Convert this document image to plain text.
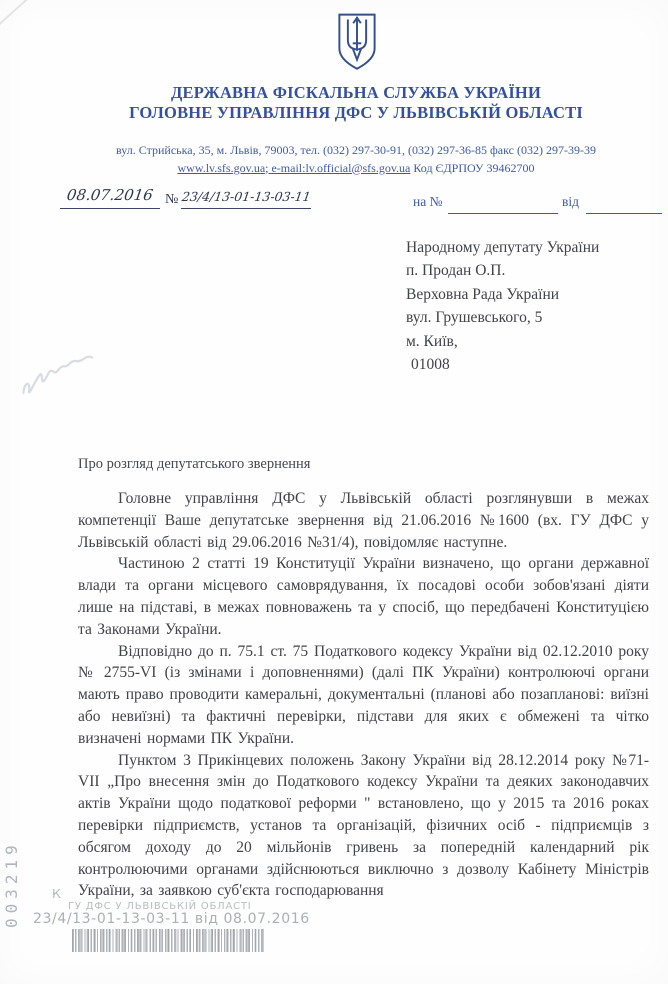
ДЕРЖАВНА ФІСКАЛЬНА СЛУЖБА УКРАЇНИ
ГОЛОВНЕ УПРАВЛІННЯ ДФС У ЛЬВІВСЬКІЙ ОБЛАСТІ
вул. Стрийська, 35, м. Львів, 79003, тел. (032) 297-30-91, (032) 297-36-85 факс (032) 297-39-39
www.lv.sfs.gov.ua; e-mail:lv.official@sfs.gov.ua Код ЄДРПОУ 39462700
08.07.2016 № 23/4/13-01-13-03-11	на №	від
Народному депутату України
п. Продан О.П.
Верховна Рада України
вул. Грушевського, 5
м. Київ,
01008
Про розгляд депутатського звернення

Головне управління ДФС у Львівській області розглянувши в межах компетенції Ваше депутатське звернення від 21.06.2016 №1600 (вх. ГУ ДФС у Львівській області від 29.06.2016 №31/4), повідомляє наступне.

Частиною 2 статті 19 Конституції України визначено, що органи державної влади та органи місцевого самоврядування, їх посадові особи зобов'язані діяти лише на підставі, в межах повноважень та у спосіб, що передбачені Конституцією та Законами України.

Відповідно до п. 75.1 ст. 75 Податкового кодексу України від 02.12.2010 року № 2755-VI (із змінами і доповненнями) (далі ПК України) контролюючі органи мають право проводити камеральні, документальні (планові або позапланові: виїзні або невиїзні) та фактичні перевірки, підстави для яких є обмежені та чітко визначені нормами ПК України.

Пунктом 3 Прикінцевих положень Закону України від 28.12.2014 року №71-VII „Про внесення змін до Податкового кодексу України та деяких законодавчих актів України щодо податкової реформи " встановлено, що у 2015 та 2016 роках перевірки підприємств, установ та організацій, фізичних осіб - підприємців з обсягом доходу до 20 мільйонів гривень за попередній календарний рік контролюючими органами здійснюються виключно з дозволу Кабінету Міністрів України, за заявкою суб'єкта господарювання

003219 К
ГУ ДФС У ЛЬВІВСЬКІЙ ОБЛАСТІ
23/4/13-01-13-03-11 від 08.07.2016
